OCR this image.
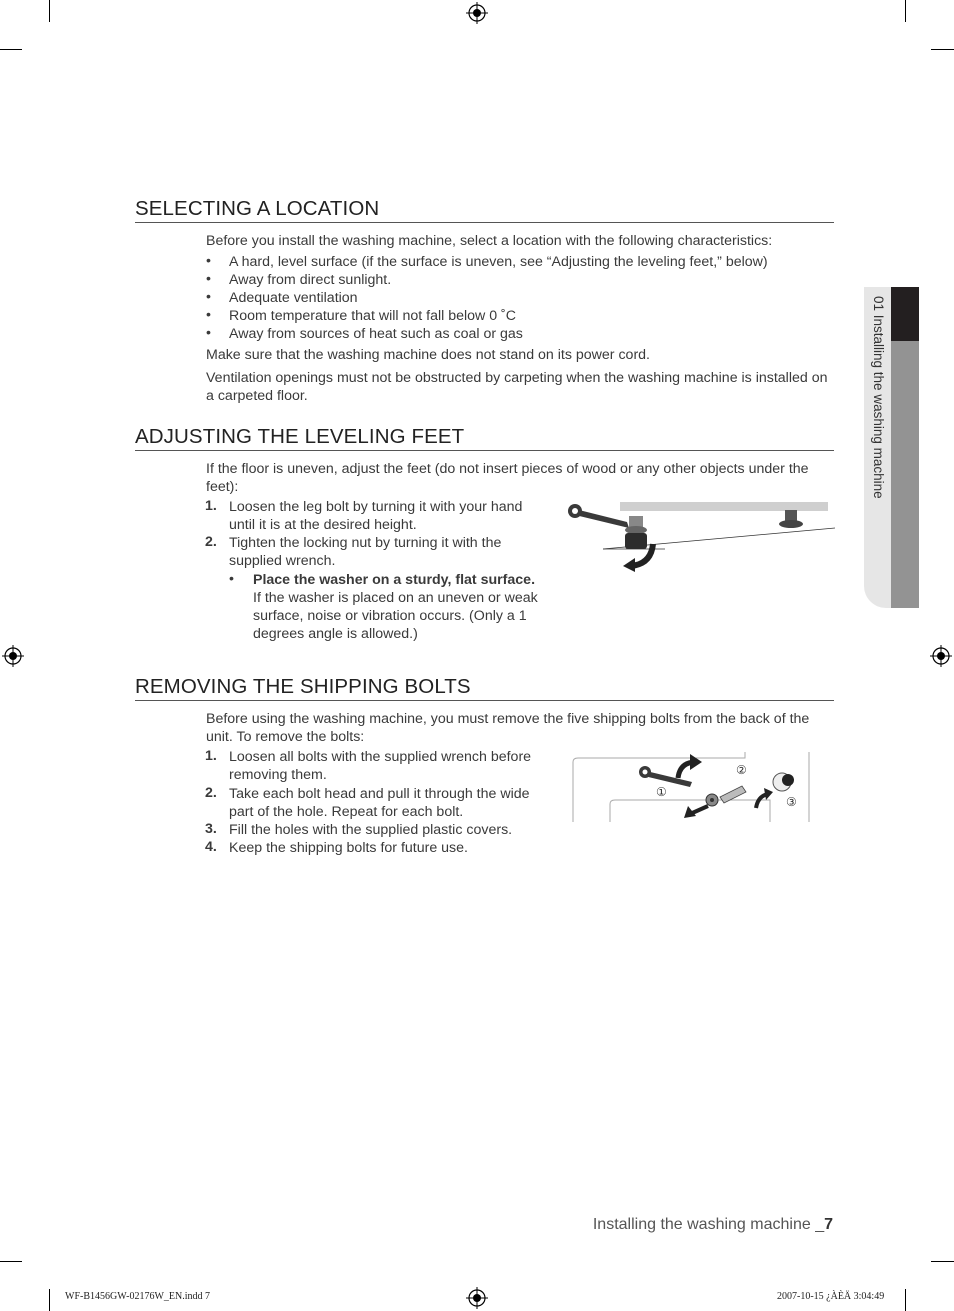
01 Installing the washing machine
SELECTING A LOCATION

Before you install the washing machine, select a location with the following characteristics:

• A hard, level surface (if the surface is uneven, see “Adjusting the leveling feet,” below)
• Away from direct sunlight.
• Adequate ventilation
• Room temperature that will not fall below 0 ˚C
• Away from sources of heat such as coal or gas

Make sure that the washing machine does not stand on its power cord.

Ventilation openings must not be obstructed by carpeting when the washing machine is installed on a carpeted floor.

ADJUSTING THE LEVELING FEET

If the floor is uneven, adjust the feet (do not insert pieces of wood or any other objects under the feet):

1. Loosen the leg bolt by turning it with your hand until it is at the desired height.
2. Tighten the locking nut by turning it with the supplied wrench.
• Place the washer on a sturdy, flat surface.
If the washer is placed on an uneven or weak surface, noise or vibration occurs. (Only a 1 degrees angle is allowed.)
REMOVING THE SHIPPING BOLTS

Before using the washing machine, you must remove the five shipping bolts from the back of the unit. To remove the bolts:

1. Loosen all bolts with the supplied wrench before removing them.
2. Take each bolt head and pull it through the wide part of the hole. Repeat for each bolt.
3. Fill the holes with the supplied plastic covers.
4. Keep the shipping bolts for future use.
①
②
③
Installing the washing machine _7
WF-B1456GW-02176W_EN.indd 7	2007-10-15 ¿ÀÈÄ 3:04:49
